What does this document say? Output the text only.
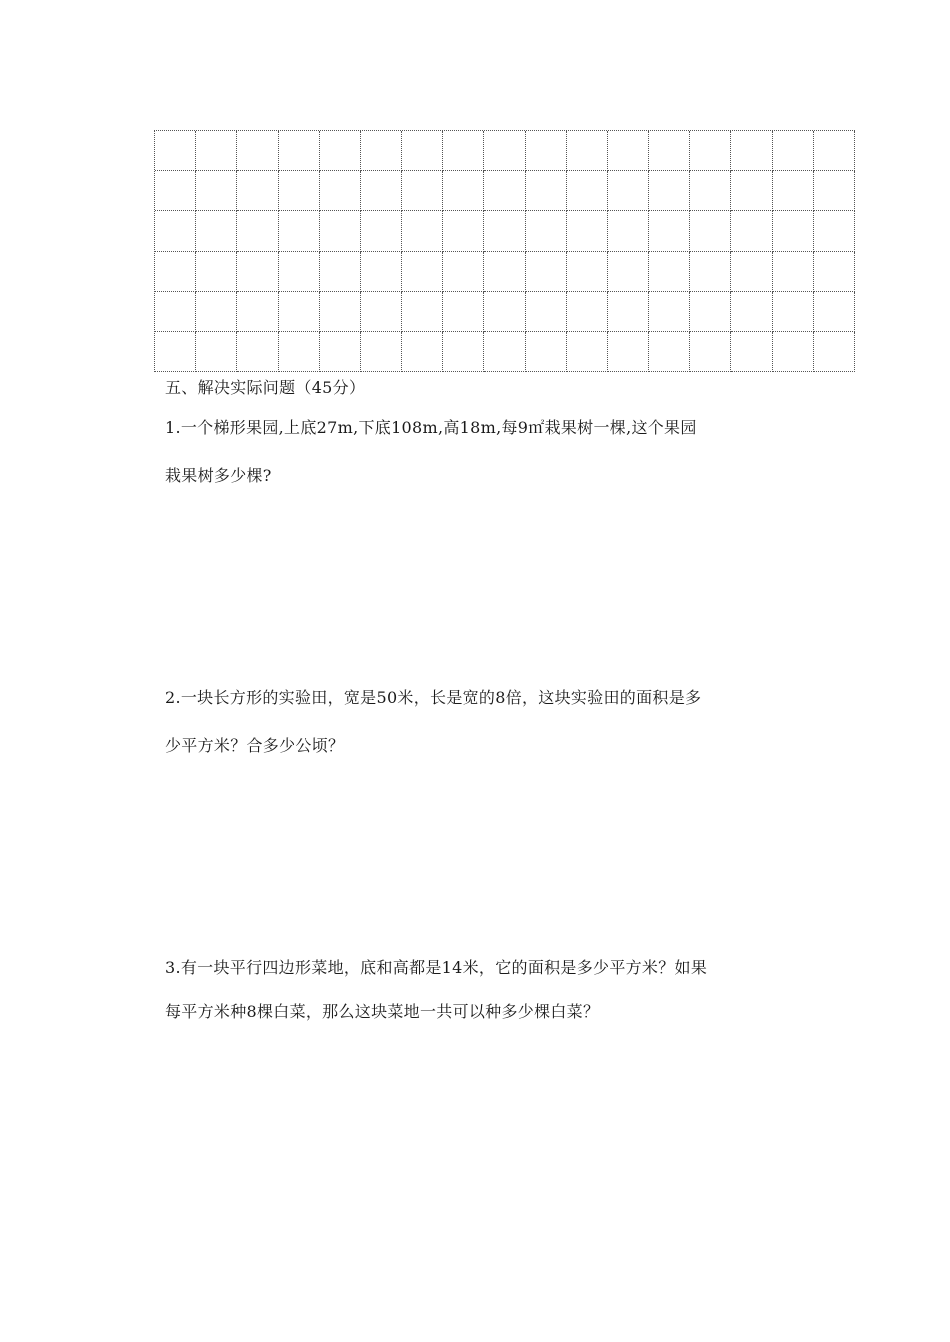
五、解决实际问题（45分）
1.一个梯形果园,上底27m,下底108m,高18m,每9㎡栽果树一棵,这个果园
栽果树多少棵?
2.一块长方形的实验田，宽是50米，长是宽的8倍，这块实验田的面积是多
少平方米？合多少公顷？
3.有一块平行四边形菜地，底和高都是14米，它的面积是多少平方米？如果
每平方米种8棵白菜，那么这块菜地一共可以种多少棵白菜？
